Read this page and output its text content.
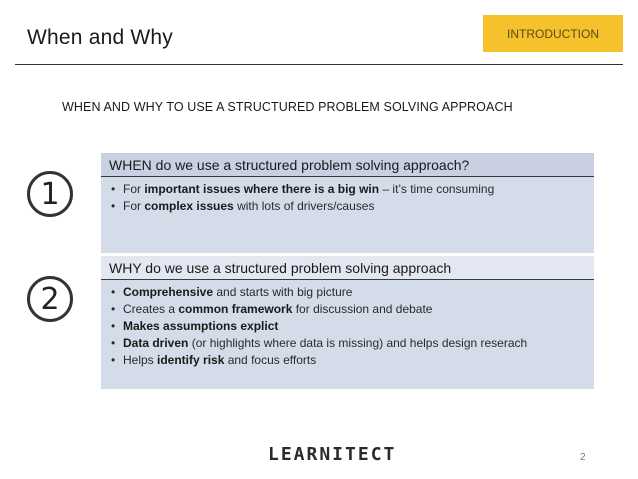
When and Why	INTRODUCTION
WHEN AND WHY TO USE A STRUCTURED PROBLEM SOLVING APPROACH
1
WHEN do we use a structured problem solving approach?
• For important issues where there is a big win – it’s time consuming
• For complex issues with lots of drivers/causes
2
WHY do we use a structured problem solving approach
• Comprehensive and starts with big picture
• Creates a common framework for discussion and debate
• Makes assumptions explict
• Data driven (or highlights where data is missing) and helps design reserach
• Helps identify risk and focus efforts
LEARNITECT	2
